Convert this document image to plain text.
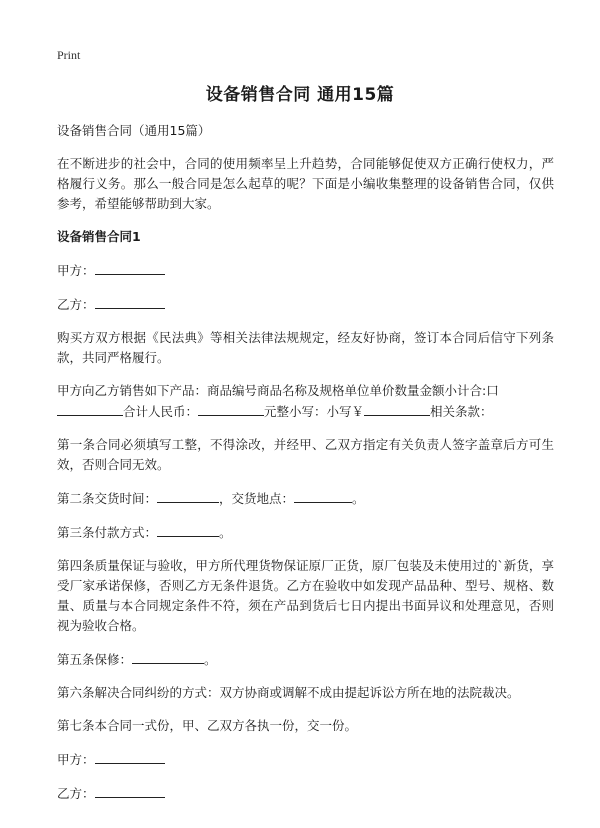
Print
设备销售合同 通用15篇

设备销售合同（通用15篇）

在不断进步的社会中，合同的使用频率呈上升趋势，合同能够促使双方正确行使权力，严格履行义务。那么一般合同是怎么起草的呢？下面是小编收集整理的设备销售合同，仅供参考，希望能够帮助到大家。

设备销售合同1

甲方：

乙方：

购买方双方根据《民法典》等相关法律法规规定，经友好协商，签订本合同后信守下列条款，共同严格履行。

甲方向乙方销售如下产品：商品编号商品名称及规格单位单价数量金额小计合:口
合计人民币：	元整小写：小写￥	相关条款：

第一条合同必须填写工整，不得涂改，并经甲、乙双方指定有关负责人签字盖章后方可生效，否则合同无效。

第二条交货时间：	，交货地点：	。

第三条付款方式：	。

第四条质量保证与验收，甲方所代理货物保证原厂正货，原厂包装及未使用过的`新货，享受厂家承诺保修，否则乙方无条件退货。乙方在验收中如发现产品品种、型号、规格、数量、质量与本合同规定条件不符，须在产品到货后七日内提出书面异议和处理意见，否则视为验收合格。

第五条保修：	。

第六条解决合同纠纷的方式：双方协商或调解不成由提起诉讼方所在地的法院裁决。

第七条本合同一式份，甲、乙双方各执一份，交一份。

甲方：

乙方：
